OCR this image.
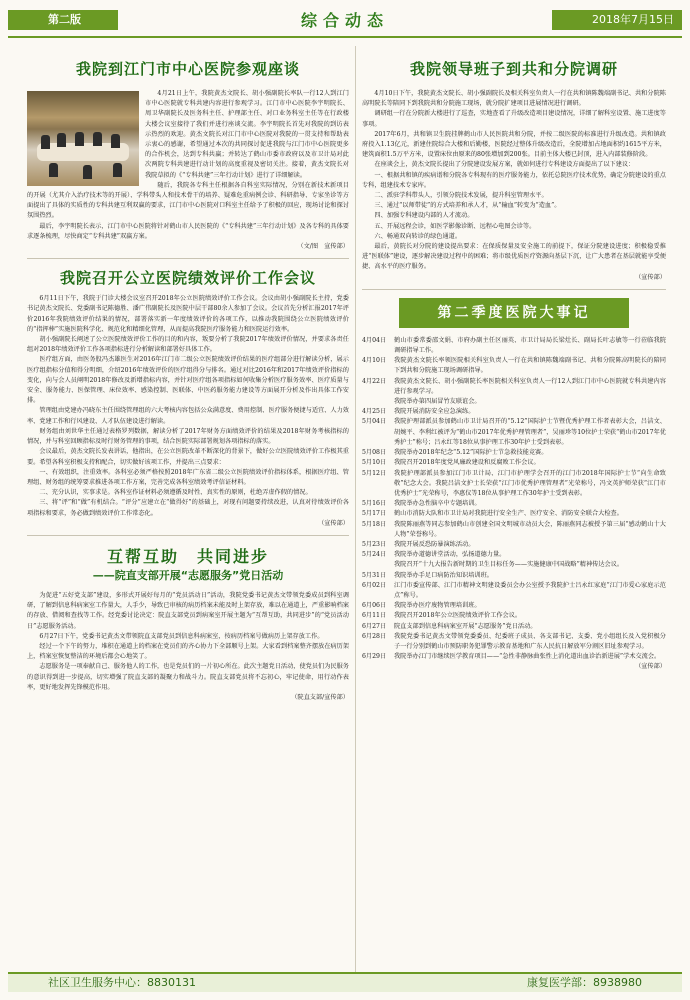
第二版	综合动态	2018年7月15日
我院到江门市中心医院参观座谈

4月21日上午，我院黄杰文院长、胡小强副院长率队一行12人到江门市中心医院就专科共建内容进行参观学习。江门市中心医院李宇明院长、周卫华副院长及医务科主任、护理部主任、对口业务科室主任等在行政楼大楼会议室接待了我们并进行座谈交流。李宇明院长首先对我院的到访表示热烈的欢迎。黄杰文院长对江门市中心医院对我院的一贯支持和帮助表示衷心的感谢，希望通过本次的共同探讨促进我院与江门市中心医院更多的合作机会，达到专科共赢；并转达了鹤山市委市政府以及市卫计局对此次两院专科共建进行动计划的高度重视及密切关注。接着，黄杰文院长对我院草拟的《“专科共建”三年行动计划》进行了详细解读。

随后，我院各专科主任根据各自科室实际情况，分别在新技术新项目的开展（尤其介入治疗技术等的开展）、学科带头人和技术骨干的培养、疑难危重病例会诊、科研指导、专家坐诊等方面提出了具体的实质性的专科共建互利双赢的要求，江门市中心医院对口科室主任给予了积极的回应，现场讨论和探讨氛围热烈。

最后，李宇明院长表示，江门市中心医院将针对鹤山市人民医院的《“专科共建”三年行动计划》及各专科的具体要求逐条梳理，尽快商定“专科共建”双赢方案。

（文/图　宣传部）

我院召开公立医院绩效评价工作会议

6月11日下午，我院于门诊大楼会议室召开2018年公立医院绩效评价工作会议。会议由胡小强副院长主持，党委书记黄杰文院长、党委副书记陈德胜、潘广伟副院长及医院中层干部80余人参加了会议。会议首先分析汇报2017年评价2016年我院绩效评价结果的情况，部署落实新一年度绩效评价的各项工作，以推动我院围绕公立医院绩效评价的“指挥棒”实施医院科学化、规范化和精细化管理，从而提高我院医疗服务能力和医院运行效率。

胡小强副院长阐述了公立医院绩效评价工作的目的和内容，叛要分析了我院2017年绩效评价情况，并要求各责任组对2018年绩效评价工作各项指标进行分析解读和部署好具体工作。

医疗组方面，由医务股冯杰雄医生对2016年江门市二级公立医院绩效评价结果的医疗组部分进行解读分析，展示医疗组指标分值和得分明细，介绍2016年绩效评价的医疗组得分与排名。通过对比2016年和2017年绩效评价指标的变化，向与会人员阐明2018年修改及新增指标内容，并针对医疗组各项指标如何收集分析医疗服务效率、医疗质量与安全、服务能力、医保管理、床位效率、感染控制、医联体、中医药服务能力建设等方面展开分析及作出具体工作安排。

管理组由党建办冯晓东主任围绕管理组的六大考核内容包括公众满意度、费用控制、医疗服务便捷与适宜、人力效率、党建工作和行风建设、人才队伍建设进行解读。

财务组由刘世华主任通过表格罗列数据，解读分析了2017年财务方面绩效评价的结果及2018年财务考核指标的情况，并与科室回顾指标及时行财务管理的事项，结合医院实际部署规划各项指标的落实。

会议最后，黄杰文院长发表讲话，他指出，在公立医院改革不断深化的背景下，做好公立医院绩效评价工作极其重要。希望各科室积极支持和配合，切实做好该项工作，并提出三点要求：

一、有效组织，注重效率。各科室必须严格按照2018年广东省二级公立医院绩效评价指标体系，根据医疗组、管理组、财务组的统筹要求推进各项工作方案，完善完成各科室绩效考评信证材料。

二、充分认识，实事求是。各科室作证材料必须遵循及时性、真实性的原则，杜绝弄虚作假的情况。

三、将“评”和“做”有机结合。“评分”应建立在“做得好”的基础上，对现有问题要持续改进，认真对待绩效评价各项指标和要求，务必做到绩效评价工作常态化。

（宣传部）

互帮互助　共同进步
——院直支部开展“志愿服务”党日活动

为促进“五好党支部”建设，多形式开展好每月的“党员活动日”活动，我院党委书记黄杰文带领党委成员到科室调研，了解到信息科病案室工作量大，人手少，导致已审核的病历档案未能及时上架存放，难以在通道上，严重影响档案的存放、借阅和查找等工作。经党委讨论决定：院直支部党员到病案室开展主题为“互帮互助，共同进步”的“党员活动日”志愿服务活动。

6月27日下午，党委书记黄杰文带领院直支部党员到信息科病案室，按病历档案号做病历上架存放工作。

经过一个下午的努力，堆积在通道上的档案在党员们的齐心协力下全部顺号上架。大家看到档案整齐摆放在病历架上，档案室恢复整洁的环境后都会心地笑了。

志愿服务是一项奉献自己、服务他人的工作，也是党员们的一片初心所在。此次主题党日活动，使党员们为民服务的意识得到进一步提高，切实增强了院直支部的凝聚力和战斗力。院直支部党员将不忘初心，牢记使命，用行动作表率，更好地发挥先锋模范作用。

（院直支部/宣传部）

我院领导班子到共和分院调研

4月10日下午，我院黄杰文院长、胡小强副院长及相关科室负责人一行在共和镇陈魏端副书记、共和分院陈高明院长等陪同下到我院共和分院施工现场，就分院扩建项目进展情况进行调研。

调研组一行在分院新大楼进行了巡查，实地查看了升级改造项目建设情况，详细了解科室设置、施工进度等事项。

2017年6月，共和镇卫生院挂牌鹤山市人民医院共和分院，并按二级医院的标准进行升级改造。共和镇政府投入1.13亿元，新建住院综合大楼和后勤楼，医院经过整体升级改造后，全院增加占地面积约1615平方米，建筑面积1.5万平方米，设置床位由原来的80张增加到200张。目前主体大楼已封顶，进入内部装修阶段。

在座谈会上，黄杰文院长提出了分院建设发展方案，就如何进行专科建设方面提出了以下建议：

一、根据共和镇的疾病谱和分院各专科现有的医疗服务能力，依托总院医疗技术优势，确定分院建设的重点专科，组建技术专家库。

二、派驻学科带头人，引领分院技术发展，提升科室管理水平。

三、通过“以师带徒”的方式培养和承人才，从“输血”转变为“造血”。

四、加强专科建设内部的人才流动。

五、开展远程会诊，如医学影像诊断、远程心电图会诊等。

六、畅通双向转诊的绿色通道。

最后，黄院长对分院的建设提出要求：在保质保量及安全施工的前提下，保证分院建设进度；积极稳妥推进“医联体”建设，逐步解决建设过程中的困难；将市级优质医疗资源向基层下沉，让广大患者在基层就能享受便捷、高水平的医疗服务。

（宣传部）

第二季度医院大事记
4月04日	鹤山市委常委邵文娟、市府办副主任区丽英、市卫计局局长梁灶长、副局长叶志敏等一行莅临我院调研指导工作。
4月10日	我院黄杰文院长率领医院相关科室负责人一行在共和镇陈魏端副书记、共和分院陈高明院长的陪同下到共和分院施工现场调研指导。
4月22日	我院黄杰文院长、胡小强副院长率医院相关科室负责人一行12人到江门市中心医院就专科共建内容进行参观学习。
我院举办第四届冒竹友联谊会。
4月25日	我院开展消防安全应急演练。
5月04日	我院护理部派员参加鹤山市卫计局召开的“5.12”国际护士节暨优秀护理工作者表彰大会，吕洁文、胡婉平、李利红被评为“鹤山市2017年优秀护理管理者”，吴丽珍等10位护士荣获“鹤山市2017年优秀护士”称号；吕永红等18位从事护理工作30年护士受到表彰。
5月08日	我院举办2018年纪念“5.12”国际护士节急救技能竞赛。
5月10日	我院召开2018年度党风廉政建设和反腐败工作会议。
5月12日	我院护理部派员参加江门市卫计局、江门市护理学会召开的江门市2018年国际护士节“向生命致敬”纪念大会。我院吕洁文护士长荣获“江门市优秀护理管理者”光荣称号，冯文英护师荣获“江门市优秀护士”光荣称号，李惠仪等18位从事护理工作30年护士受到表彰。
5月16日	我院举办急性脑卒中专题培训。
5月17日	鹤山市消防大队和市卫计局对我院进行安全生产、医疗安全、消防安全联合大检查。
5月18日	我院陈丽燕等同志参加鹤山市创建全国文明城市动员大会，陈丽燕同志被授予第三届“感动鹤山十大人物”荣誉称号。
5月23日	我院开展反恐防暴演练活动。
5月24日	我院举办道德讲堂活动，弘扬道德力量。
我院召开“十九大报告新时期的卫生目标任务——实施健康中国战略”精神传达会议。
5月31日	我院举办手足口病防治知识培训班。
6月02日	江门市委宣传部、江门市精神文明建设委员会办公室授予我院护士吕永红家庭“江门市爱心家庭示范点”称号。
6月06日	我院举办医疗废物管理培训班。
6月11日	我院召开2018年公立医院绩效评价工作会议。
6月27日	院直支部到信息科病案室开展“志愿服务”党日活动。
6月28日	我院党委书记黄杰文带领党委委员、纪委班子成员、各支部书记、支委、党小组组长及入党积极分子一行分别到鹤山市预防职务犯罪警示教育基地和广东人民抗日解放军分割区旧址参观学习。
6月29日	我院举办江门市继续医学教育项目——“急性非静脉曲张性上消化道出血诊治新进展”学术交流会。

（宣传部）

社区卫生服务中心：8830131	康复医学部：8938980
